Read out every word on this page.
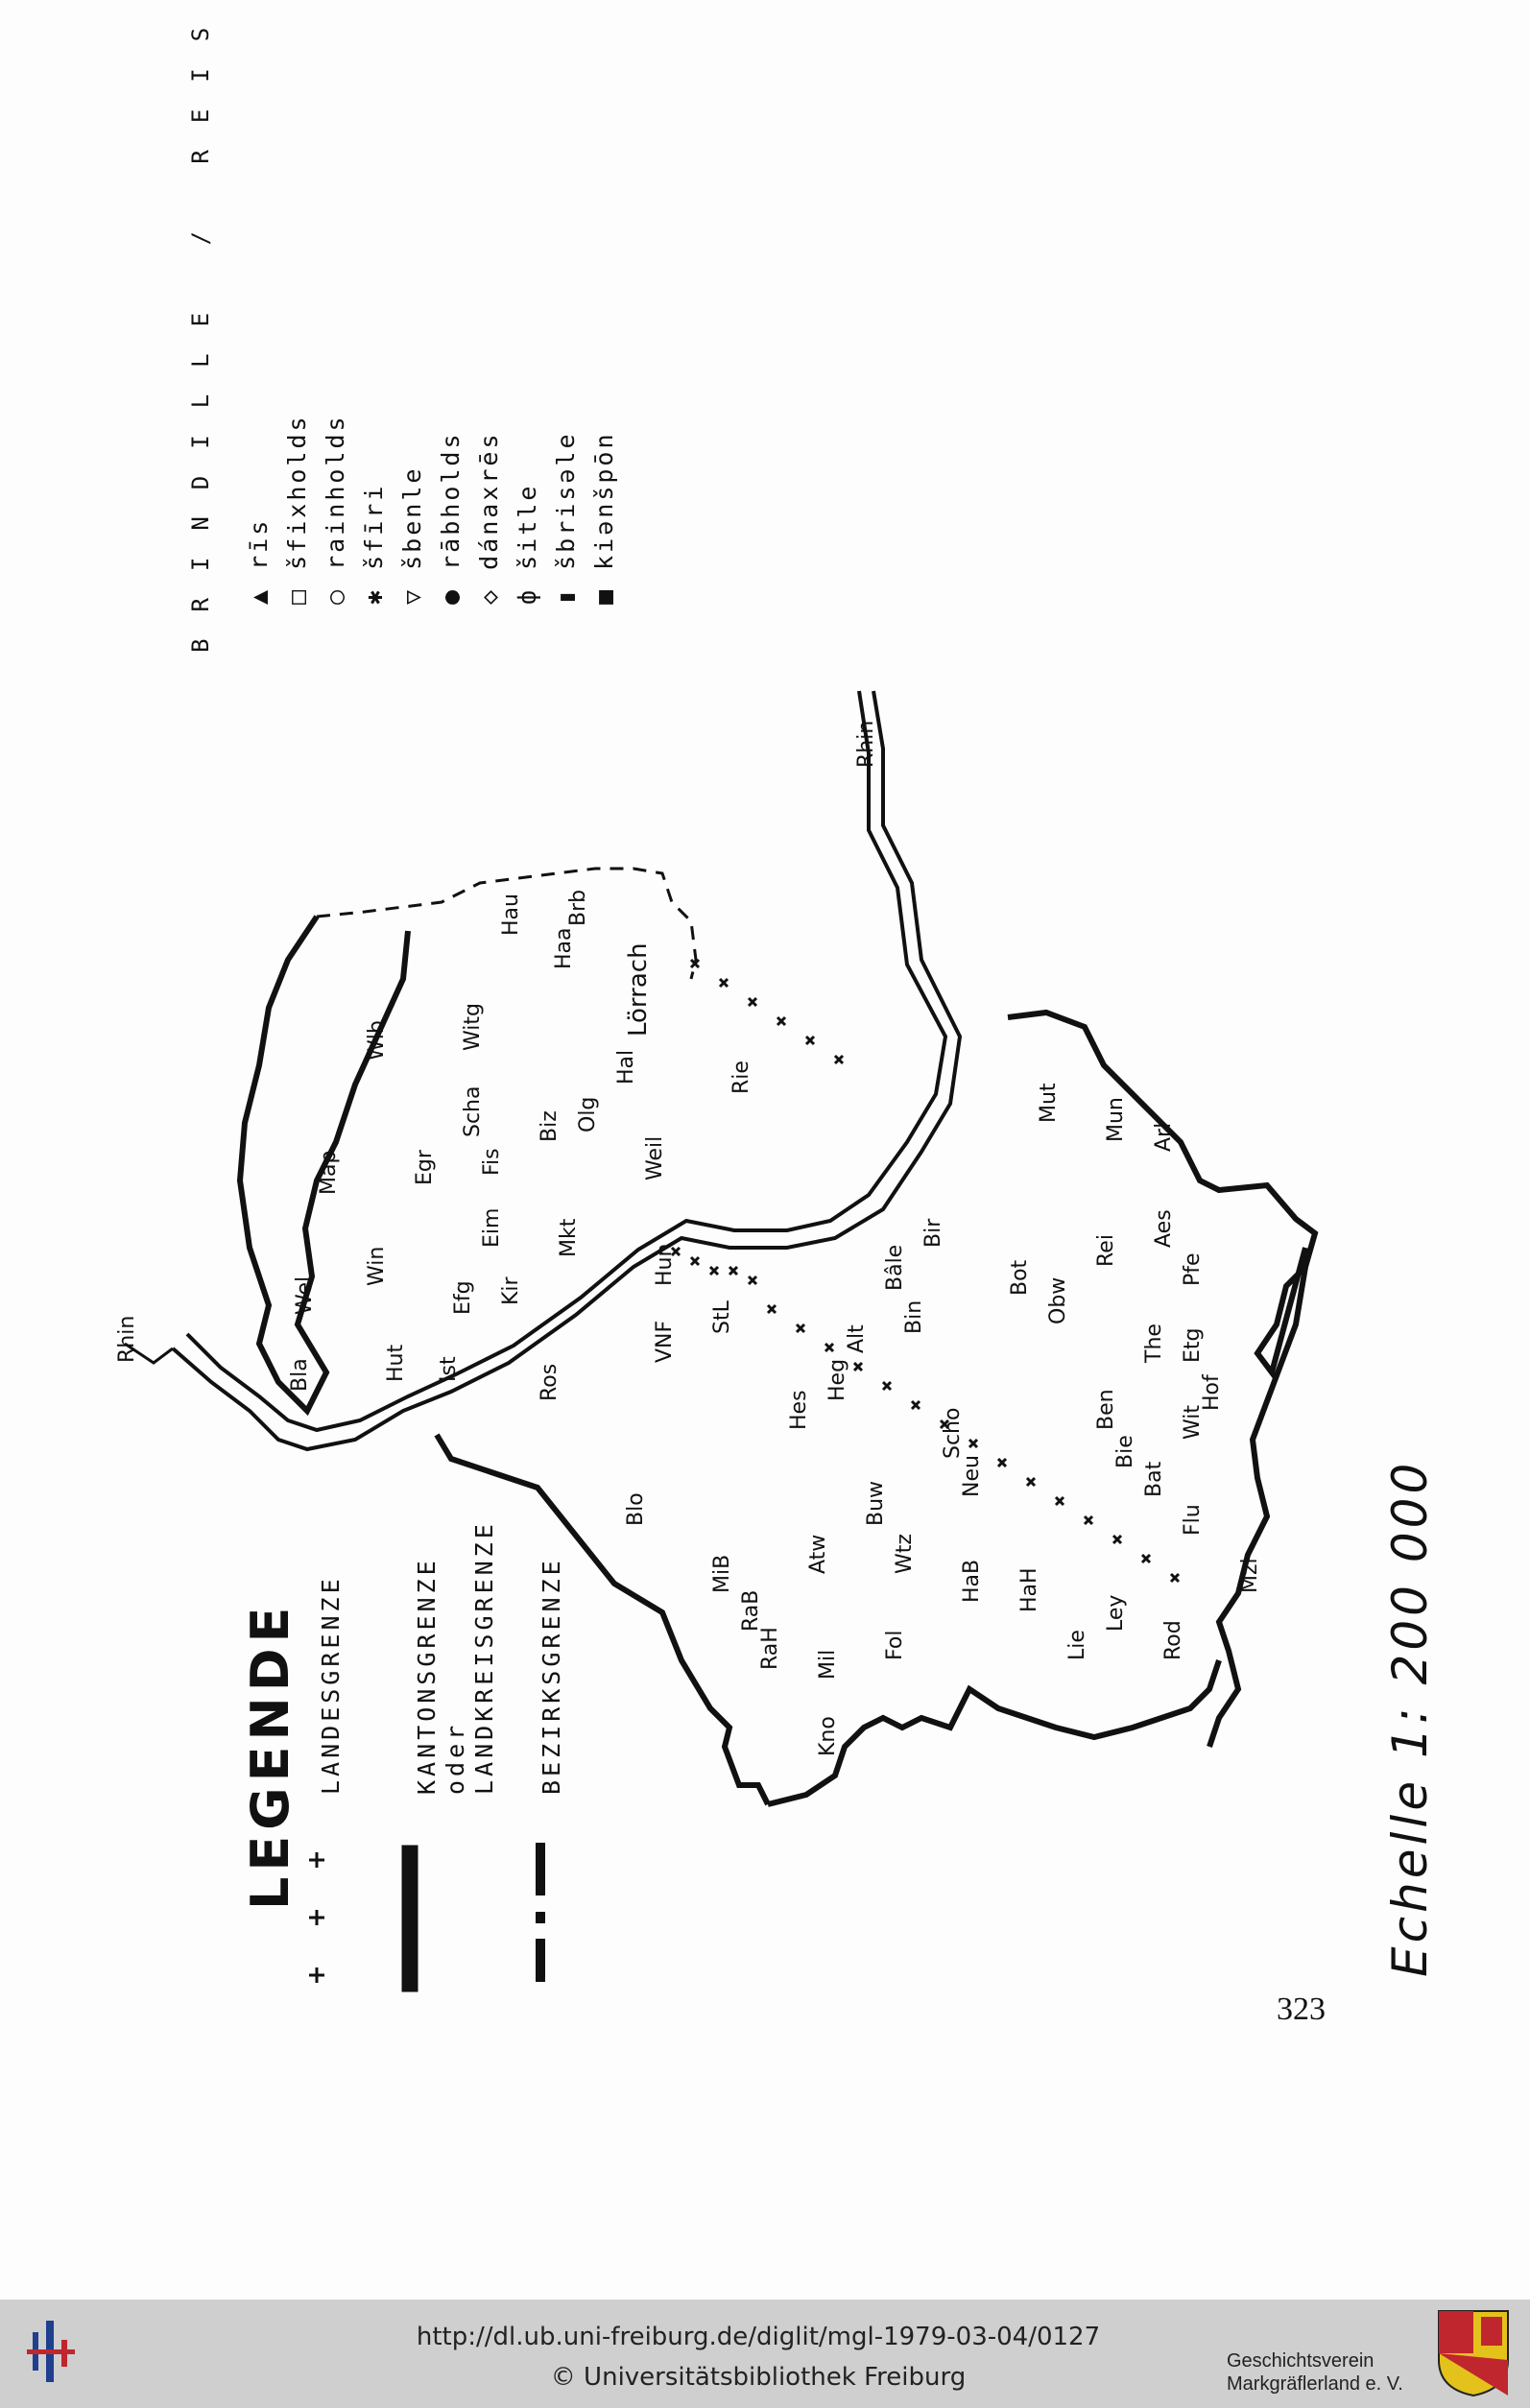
LEGENDE LANDESGRENZE	KANTONSGRENZE oder LANDKREISGRENZE BEZIRKSGRENZE	Echelle 1: 200 000
323
BRINDILLE / REIS ▲ rīs
□ šfixholds
○ rainholds
✱ šfīri
▽ šbenle
● rābholds
◇ dánaxrēs
ф šitle
▮ šbrisəle
■ kiənšpōn
Rhin
Rhin
Lörrach
Bâle
Bla
Wel
Win
Map
Wlb
Hut Ist
Efg
Egr
Scha
Witg
Hau
Haa
Brb
Kir
Eim
Fis
Biz
Mkt
Olg
Hal
Weil
Rie
Hun
VNF
Ros
StL
Hes
Heg
Alt
Bin
Bir
Mut Mun Arl
Bot Obw
Rei
Aes
Pfe
The Etg
Wit
Hof
Ben
Bat
Bie
Flu
Mzl
Rod
Ley
Lie
HaH
HaB
Wtz
Neu
Scho
Buw
Blo
Atw
MiB
RaB
RaH Mil
Fol
Kno
http://dl.ub.uni-freiburg.de/diglit/mgl-1979-03-04/0127
© Universitätsbibliothek Freiburg
Geschichtsverein
Markgräflerland e. V.
